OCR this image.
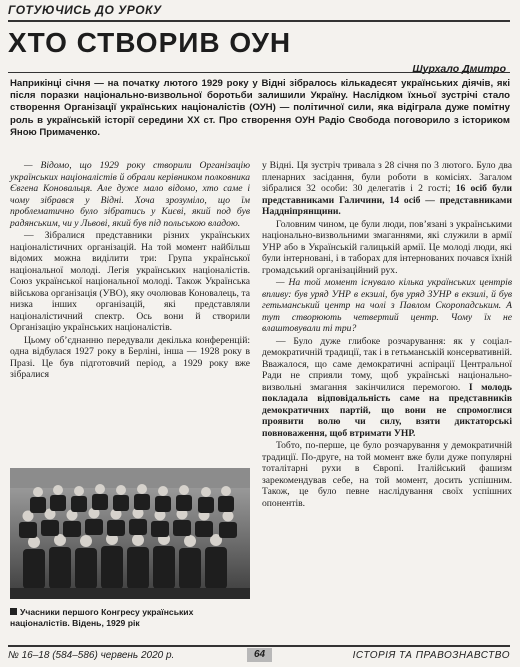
ГОТУЮЧИСЬ ДО УРОКУ
ХТО СТВОРИВ ОУН
Шурхало Дмитро
Наприкінці січня — на початку лютого 1929 року у Відні зібралось кількадесят українських діячів, які після поразки національно-визвольної боротьби залишили Україну. Наслідком їхньої зустрічі стало створення Організації українських націоналістів (ОУН) — політичної сили, яка відіграла дуже помітну роль в українській історії середини ХХ ст. Про створення ОУН Радіо Свобода поговорило з істориком Яною Примаченко.

— Відомо, що 1929 року створили Організацію українських націоналістів й обрали керівником полковника Євгена Коновальця. Але дуже мало відомо, хто саме і чому зібрався у Відні. Хоча зрозуміло, що їм проблематично було зібратись у Києві, який под був радянським, чи у Львові, який був під польською владою.

— Зібралися представники різних українських націоналістичних організацій. На той момент найбільш відомих можна виділити три: Група української національної молоді. Легія українських націоналістів. Союз української національної молоді. Також Українська військова організація (УВО), яку очолював Коновалець, та низка інших організацій, які представляли націоналістичний спектр. Ось вони й створили Організацію українських націоналістів.

Цьому об’єднанню передували декілька конференцій: одна відбулася 1927 року в Берліні, інша — 1928 року в Празі. Це був підготовчий період, а 1929 року вже зібралися

Учасники першого Конгресу українських націоналістів. Відень, 1929 рік

у Відні. Ця зустріч тривала з 28 січня по 3 лютого. Було два пленарних засідання, були роботи в комісіях. Загалом зібралися 32 особи: 30 делегатів і 2 гості; 16 осіб були представниками Галичини, 14 осіб — представниками Наддніпрянщини.

Головним чином, це були люди, пов’язані з українськими національно-визвольними змаганнями, які служили в армії УНР або в Українській галицькій армії. Це молоді люди, які були інтерновані, і в таборах для інтернованих почався їхній громадський організаційний рух.

— На той момент існувало кілька українських центрів впливу: був уряд УНР в екзилі, був уряд ЗУНР в екзилі, й був гетьманський центр на чолі з Павлом Скоропадським. А тут створюють четвертий центр. Чому їх не влаштовували ті три?

— Було дуже глибоке розчарування: як у соціал-демократичній традиції, так і в гетьманській консервативній. Вважалося, що саме демократичні аспірації Центральної Ради не сприяли тому, щоб українські національно-визвольні змагання закінчилися перемогою. І молодь покладала відповідальність саме на представників демократичних партій, що вони не спромоглися проявити волю чи силу, взяти диктаторські повноваження, щоб втримати УНР.

Тобто, по-перше, це було розчарування у демократичній традиції. По-друге, на той момент вже були дуже популярні тоталітарні рухи в Європі. Італійський фашизм зарекомендував себе, на той момент, досить успішним. Також, це було певне наслідування своїх успішних опонентів.

№ 16–18 (584–586) червень 2020 р.	64	ІСТОРІЯ ТА ПРАВОЗНАВСТВО
